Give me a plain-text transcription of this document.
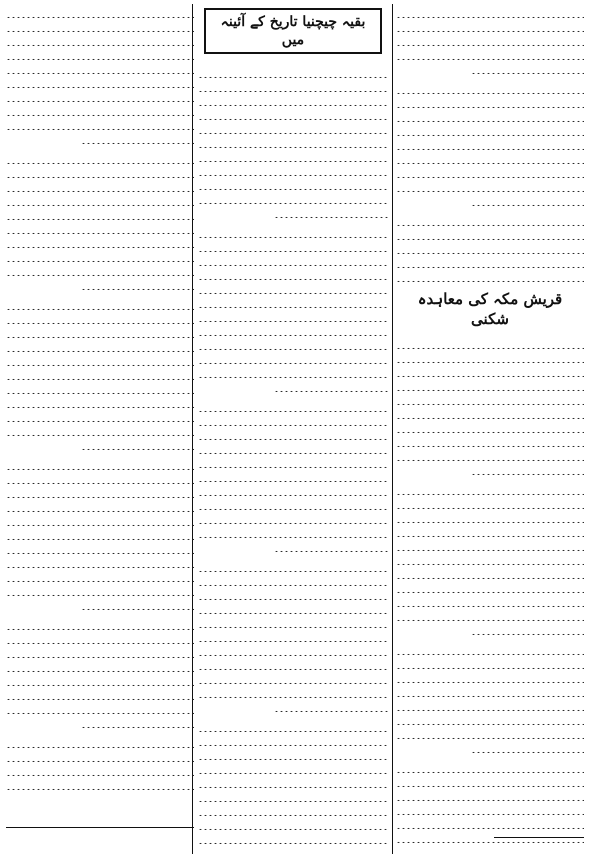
قریش مکہ کی معاہدہ شکنی
بقیہ چیچنیا تاریخ کے آئینہ میں
